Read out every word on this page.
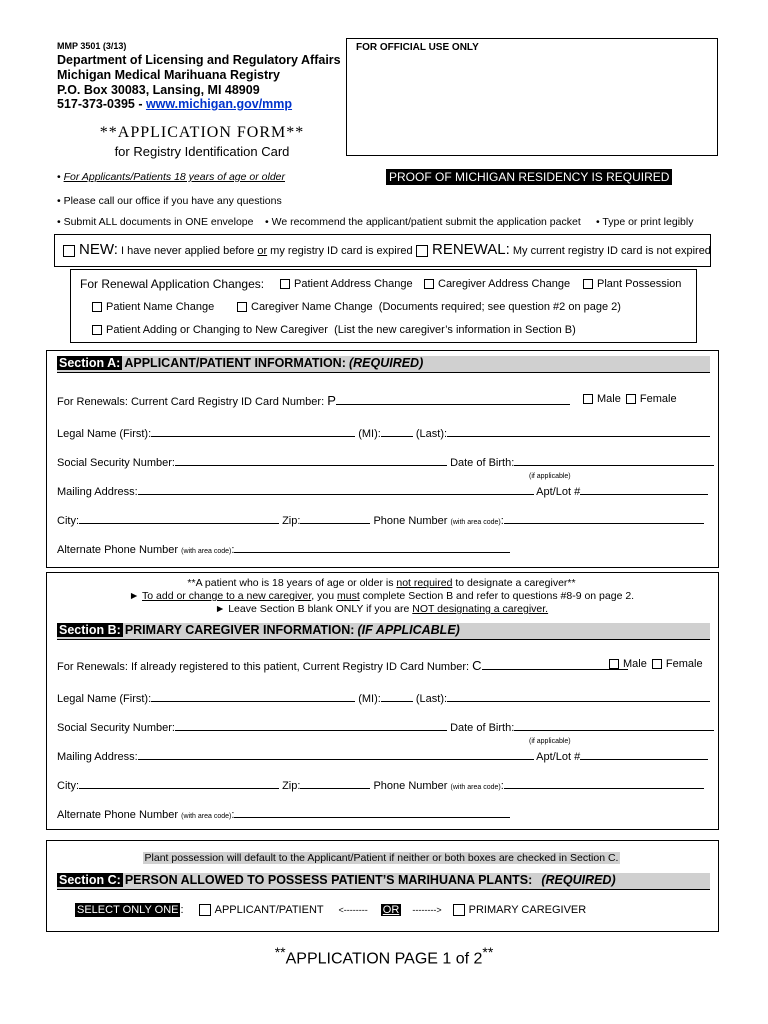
MMP 3501 (3/13)
Department of Licensing and Regulatory Affairs
Michigan Medical Marihuana Registry
P.O. Box 30083, Lansing, MI 48909
517-373-0395 - www.michigan.gov/mmp
FOR OFFICIAL USE ONLY
**APPLICATION FORM**
for Registry Identification Card
• For Applicants/Patients 18 years of age or older	PROOF OF MICHIGAN RESIDENCY IS REQUIRED
• Please call our office if you have any questions
• Submit ALL documents in ONE envelope • We recommend the applicant/patient submit the application packet • Type or print legibly
NEW: I have never applied before or my registry ID card is expired	RENEWAL: My current registry ID card is not expired
For Renewal Application Changes:	Patient Address Change	Caregiver Address Change	Plant Possession
Patient Name Change	Caregiver Name Change (Documents required; see question #2 on page 2)
Patient Adding or Changing to New Caregiver (List the new caregiver’s information in Section B)
Section A: APPLICANT/PATIENT INFORMATION: (REQUIRED)
For Renewals: Current Card Registry ID Card Number: P	Male Female
Legal Name (First):	(MI):	(Last):
Social Security Number:	Date of Birth:
(if applicable)
Mailing Address:	Apt/Lot #
City:	Zip:	Phone Number (with area code):
Alternate Phone Number (with area code):
**A patient who is 18 years of age or older is not required to designate a caregiver**
► To add or change to a new caregiver, you must complete Section B and refer to questions #8-9 on page 2.
► Leave Section B blank ONLY if you are NOT designating a caregiver.
Section B: PRIMARY CAREGIVER INFORMATION: (IF APPLICABLE)
For Renewals: If already registered to this patient, Current Registry ID Card Number: C	Male Female
Legal Name (First):	(MI):	(Last):
Social Security Number:	Date of Birth:
(if applicable)
Mailing Address:	Apt/Lot #
City:	Zip:	Phone Number (with area code):
Alternate Phone Number (with area code):
Plant possession will default to the Applicant/Patient if neither or both boxes are checked in Section C.
Section C: PERSON ALLOWED TO POSSESS PATIENT’S MARIHUANA PLANTS: (REQUIRED)
SELECT ONLY ONE :	APPLICANT/PATIENT <-------- OR --------> PRIMARY CAREGIVER
**APPLICATION PAGE 1 of 2**
